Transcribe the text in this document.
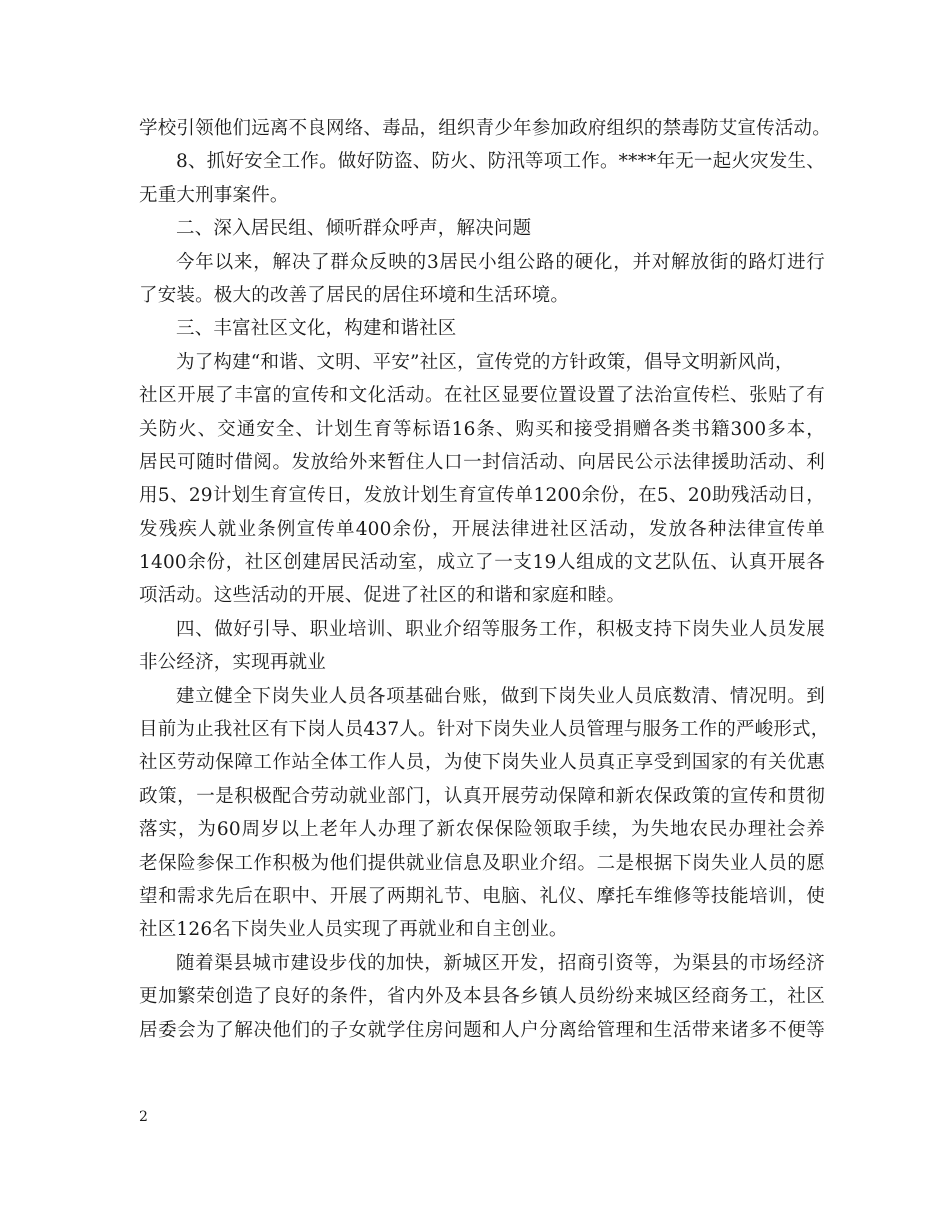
学校引领他们远离不良网络、毒品，组织青少年参加政府组织的禁毒防艾宣传活动。
8、抓好安全工作。做好防盗、防火、防汛等项工作。****年无一起火灾发生、
无重大刑事案件。
二、深入居民组、倾听群众呼声，解决问题
今年以来，解决了群众反映的3居民小组公路的硬化，并对解放街的路灯进行
了安装。极大的改善了居民的居住环境和生活环境。
三、丰富社区文化，构建和谐社区
为了构建“和谐、文明、平安”社区，宣传党的方针政策，倡导文明新风尚，
社区开展了丰富的宣传和文化活动。在社区显要位置设置了法治宣传栏、张贴了有
关防火、交通安全、计划生育等标语16条、购买和接受捐赠各类书籍300多本，
居民可随时借阅。发放给外来暂住人口一封信活动、向居民公示法律援助活动、利
用5、29计划生育宣传日，发放计划生育宣传单1200余份，在5、20助残活动日，
发残疾人就业条例宣传单400余份，开展法律进社区活动，发放各种法律宣传单
1400余份，社区创建居民活动室，成立了一支19人组成的文艺队伍、认真开展各
项活动。这些活动的开展、促进了社区的和谐和家庭和睦。
四、做好引导、职业培训、职业介绍等服务工作，积极支持下岗失业人员发展
非公经济，实现再就业
建立健全下岗失业人员各项基础台账，做到下岗失业人员底数清、情况明。到
目前为止我社区有下岗人员437人。针对下岗失业人员管理与服务工作的严峻形式，
社区劳动保障工作站全体工作人员，为使下岗失业人员真正享受到国家的有关优惠
政策，一是积极配合劳动就业部门，认真开展劳动保障和新农保政策的宣传和贯彻
落实，为60周岁以上老年人办理了新农保保险领取手续，为失地农民办理社会养
老保险参保工作积极为他们提供就业信息及职业介绍。二是根据下岗失业人员的愿
望和需求先后在职中、开展了两期礼节、电脑、礼仪、摩托车维修等技能培训，使
社区126名下岗失业人员实现了再就业和自主创业。
随着渠县城市建设步伐的加快，新城区开发，招商引资等，为渠县的市场经济
更加繁荣创造了良好的条件，省内外及本县各乡镇人员纷纷来城区经商务工，社区
居委会为了解决他们的子女就学住房问题和人户分离给管理和生活带来诸多不便等
2
